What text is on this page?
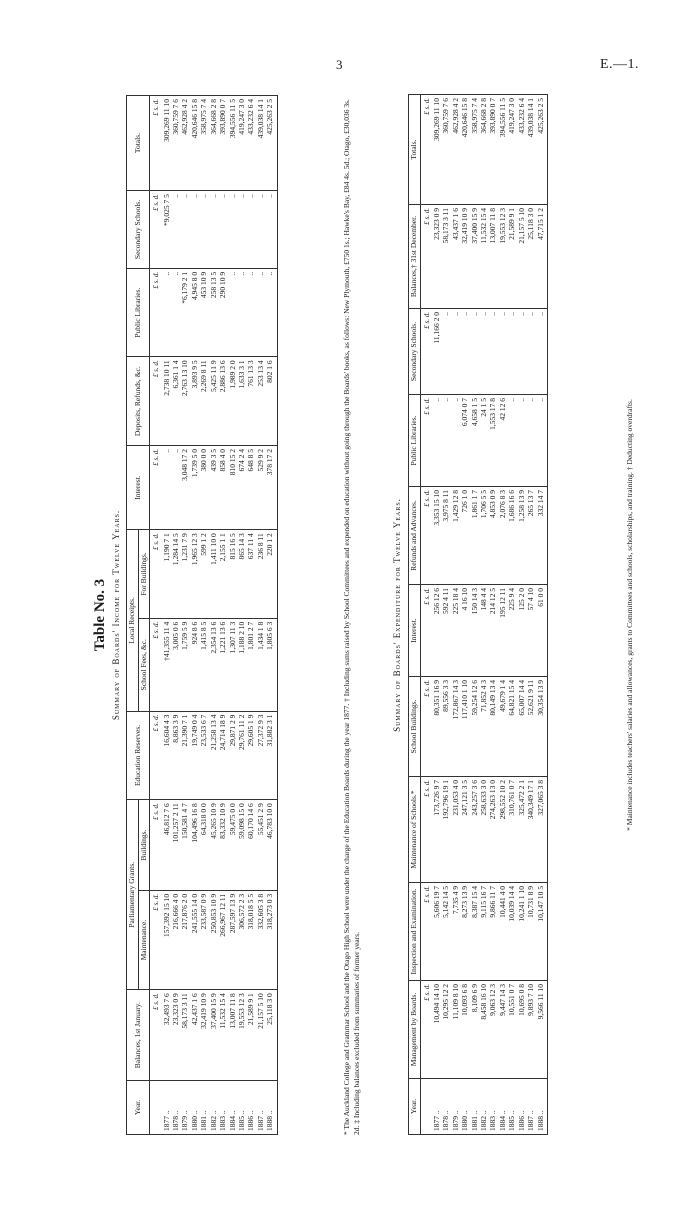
3	E.—1.
Table No. 3 Summary of Boards' Income for Twelve Years.
Year.	Balances, 1st January.	Parliamentary Grants.		Education Reserves.	Local Receipts.		Interest.	Deposits, Refunds, &c.	Public Libraries.	Secondary Schools.	Totals.
		Maintenance.	Buildings.		School Fees, &c.	For Buildings.					
	£ s. d.	£ s. d.	£ s. d.	£ s. d.	£ s. d.	£ s. d.	£ s. d.	£ s. d.	£ s. d.	£ s. d.	£ s. d.
1877 ..	32,493 7 6	157,392 15 10	46,812 7 6	16,604 4 3	†41,355 11 4	1,190 7 1	..	2,738 10 11	..	*9,025 7 5	309,269 11 10
1878 ..	23,323 0 9	216,666 4 0	101,257 2 11	8,863 3 9	3,005 0 6	1,284 14 5	..	6,361 1 4	..	..	360,759 7 6
1879 ..	58,173 3 11	217,876 2 0	150,581 4 7	21,390 7 1	1,759 5 9	1,231 7 9	3,048 17 2	2,763 13 10	*6,179 2 1	..	462,928 4 2
1880 ..	42,437 1 6	241,555 14 0	104,496 16 8	19,749 0 4	924 8 6	1,965 12 3	1,739 5 0	3,893 9 5	4,945 8 0	..	420,646 15 8
1881 ..	32,419 10 9	233,587 0 9	64,318 0 0	23,533 6 7	1,415 8 5	599 1 2	380 0 0	2,269 8 11	453 10 9	..	358,975 7 4
1882 ..	37,400 15 9	250,853 10 9	45,265 10 9	21,258 13 4	2,354 13 6	1,411 10 0	439 3 5	5,425 11 9	258 13 5	..	364,668 2 8
1883 ..	11,532 15 4	266,967 12 11	83,332 10 9	24,714 18 9	1,221 13 6	2,155 1 1	858 4 0	2,886 13 6	290 10 9	..	393,890 0 7
1884 ..	13,007 11 8	287,597 13 9	59,475 0 0	29,871 2 9	1,307 11 3	815 16 5	810 15 2	1,989 2 0	..	..	394,556 11 5
1885 ..	19,553 12 3	306,572 2 3	59,098 15 0	29,761 11 2	1,188 2 10	865 14 3	674 2 4	1,633 3 1	..	..	419,247 3 0
1886 ..	21,589 9 1	318,018 5 5	60,170 14 6	29,605 1 9	1,801 2 7	637 11 4	648 8 5	761 13 3	..	..	433,232 6 4
1887 ..	21,157 5 10	332,605 3 8	55,451 2 9	27,372 9 3	1,434 1 8	236 8 11	529 9 2	253 13 4	..	..	439,038 14 1
1888 ..	25,118 3 0	318,273 0 3	46,783 10 0	31,882 3 1	1,805 6 3	220 1 2	378 17 2	802 1 6	..	..	425,263 2 5	* The Auckland College and Grammar School and the Otago High School were under the charge of the Education Boards during the year 1877. † Including sums raised by School Committees and expended on education without going through the Boards' books, as follows: New Plymouth, £750 1s.; Hawke's Bay, £84 4s. 5d.; Otago, £30,036 3s. 2d. ‡ Including balances excluded from summaries of former years.
Summary of Boards' Expenditure for Twelve Years.
Year.	Management by Boards.	Inspection and Examination.	Maintenance of Schools.*	School Buildings.	Interest.	Refunds and Advances.	Public Libraries.	Secondary Schools.	Balances,† 31st December.	Totals.
	£ s. d.	£ s. d.	£ s. d.	£ s. d.	£ s. d.	£ s. d.	£ s. d.	£ s. d.	£ s. d.	£ s. d.
1877 ..	10,494 14 10	5,606 19 7	173,726 9 7	80,351 16 9	256 12 6	3,353 15 10	..	11,166 2 0	23,323 0 9	309,269 11 10
1878 ..	10,295 12 2	5,142 14 5	192,796 19 1	89,556 3 3	592 4 11	3,975 8 11	..	..	58,173 3 11	360,759 7 6
1879 ..	11,109 8 10	7,735 4 9	231,053 4 0	172,867 14 3	225 18 4	1,429 12 8	..	..	43,437 1 6	462,928 4 2
1880 ..	10,093 6 8	8,273 13 9	247,121 3 5	117,410 1 10	4 16 10	726 1 0	6,074 0 7	..	32,419 10 9	420,646 15 8
1881 ..	8,109 6 9	8,387 15 4	243,257 3 6	59,254 12 6	150 14 3	1,861 1 7	4,658 1 5	..	37,400 15 9	358,975 7 4
1882 ..	8,458 16 10	9,115 16 7	258,633 3 0	71,852 4 3	148 4 4	1,706 5 5	24 1 5	..	11,532 15 4	364,668 2 8
1883 ..	9,063 12 3	9,866 11 7	274,263 13 0	80,149 13 4	214 12 5	4,853 0 9	1,553 17 8	..	13,007 11 8	393,890 0 7
1884 ..	9,447 14 3	10,441 4 0	298,552 10 2	49,679 1 4	195 12 11	2,076 8 3	42 12 6	..	19,553 12 3	394,556 11 5
1885 ..	10,551 0 7	10,039 14 4	310,761 0 7	64,821 15 4	225 9 4	1,686 16 6	..	..	21,589 9 1	419,247 3 0
1886 ..	10,695 0 8	10,241 1 10	325,472 2 1	65,007 14 4	125 2 0	1,258 13 9	..	..	21,157 5 10	433,232 6 4
1887 ..	9,893 7 10	10,731 8 9	340,349 17 1	52,621 9 11	57 4 10	265 13 7	..	..	25,118 3 0	439,038 14 1
1888 ..	9,566 11 10	10,147 10 5	327,065 3 8	30,354 13 9	61 0 0	332 14 7	..	..	47,715 1 2	425,263 2 5
* Maintenance includes teachers' salaries and allowances, grants to Committees and schools, scholarships, and training. † Deducting overdrafts.
